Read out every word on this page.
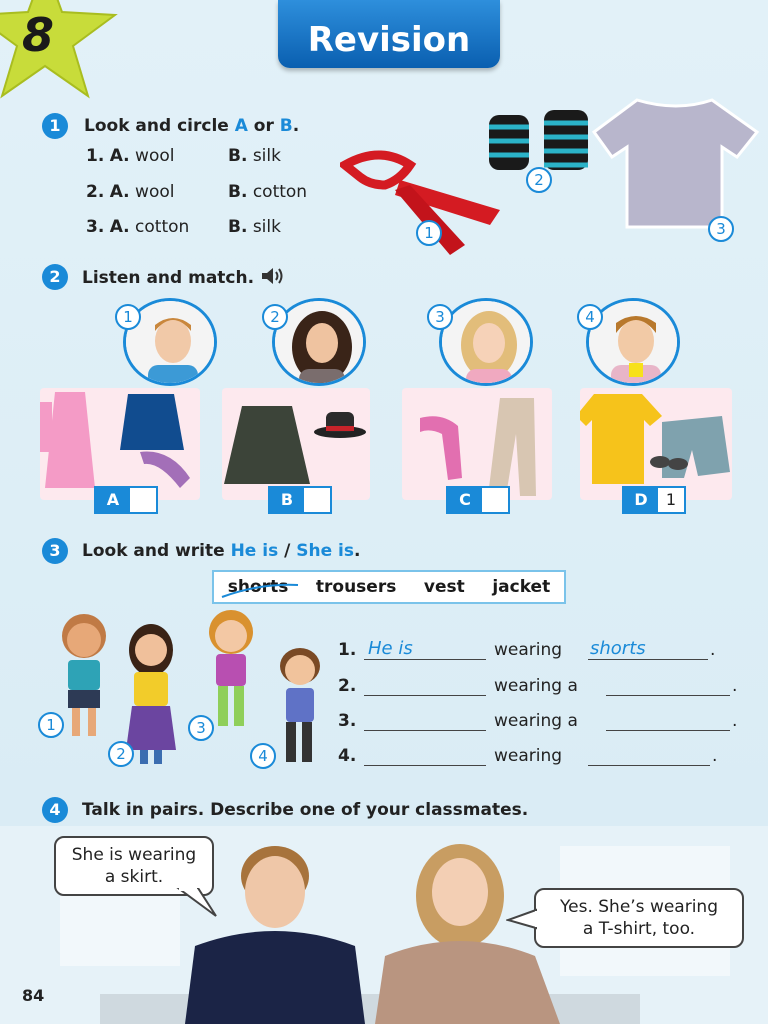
8	Revision
1	Look and circle A or B.
1. A. wool	B. silk
2. A. wool	B. cotton
3. A. cotton B. silk	1
2
3
2	Listen and match.
1	2	3	4
A	B	C	D	1
3	Look and write He is / She is.
shorts trousers vest jacket
1
2
3
4
1. He is	wearing shorts	.
2.	wearing a	.
3.	wearing a	.
4.	wearing	.
4	Talk in pairs. Describe one of your classmates.
She is wearing
a skirt.
Yes. She’s wearing
a T-shirt, too.
84
